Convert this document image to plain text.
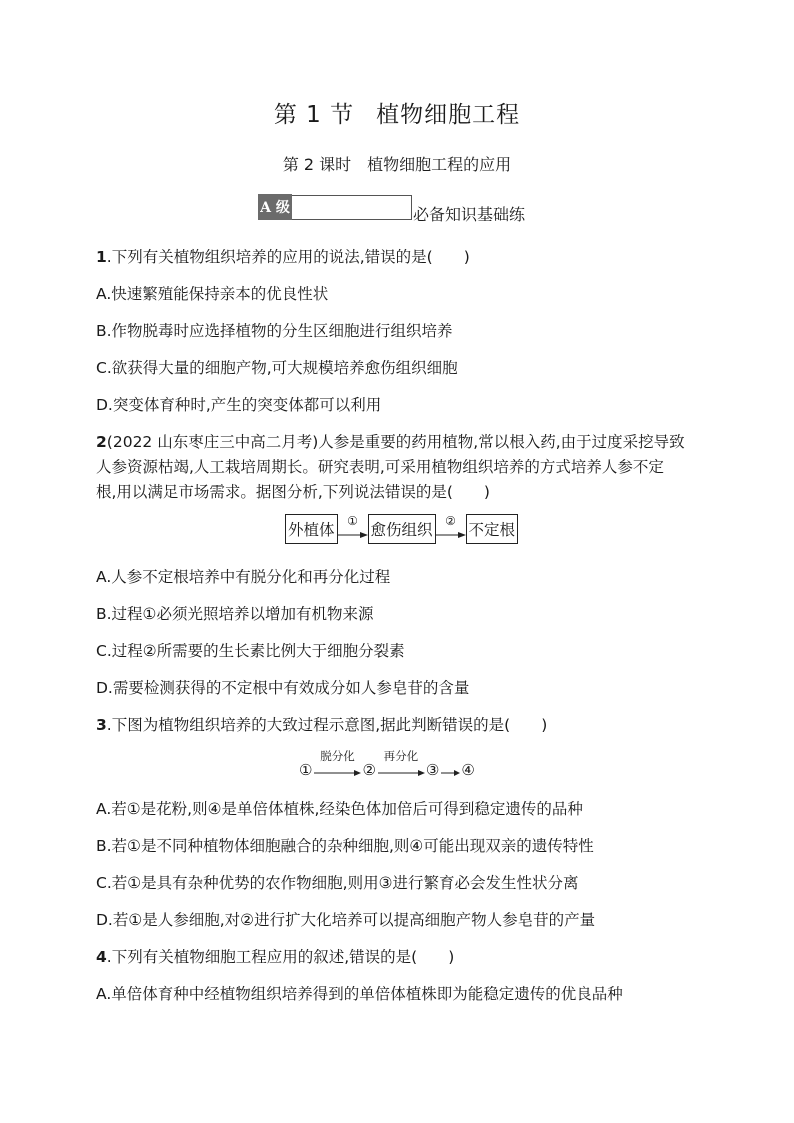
第 1 节 植物细胞工程
第 2 课时 植物细胞工程的应用
A 级	必备知识基础练
1.下列有关植物组织培养的应用的说法,错误的是(　　)
A.快速繁殖能保持亲本的优良性状
B.作物脱毒时应选择植物的分生区细胞进行组织培养
C.欲获得大量的细胞产物,可大规模培养愈伤组织细胞
D.突变体育种时,产生的突变体都可以利用
2(2022 山东枣庄三中高二月考)人参是重要的药用植物,常以根入药,由于过度采挖导致
人参资源枯竭,人工栽培周期长。研究表明,可采用植物组织培养的方式培养人参不定
根,用以满足市场需求。据图分析,下列说法错误的是(　　)
外植体	① 愈伤组织	② 不定根
A.人参不定根培养中有脱分化和再分化过程
B.过程①必须光照培养以增加有机物来源
C.过程②所需要的生长素比例大于细胞分裂素
D.需要检测获得的不定根中有效成分如人参皂苷的含量
3.下图为植物组织培养的大致过程示意图,据此判断错误的是(　　)
①
脱分化
②
再分化
③ ④
A.若①是花粉,则④是单倍体植株,经染色体加倍后可得到稳定遗传的品种
B.若①是不同种植物体细胞融合的杂种细胞,则④可能出现双亲的遗传特性
C.若①是具有杂种优势的农作物细胞,则用③进行繁育必会发生性状分离
D.若①是人参细胞,对②进行扩大化培养可以提高细胞产物人参皂苷的产量
4.下列有关植物细胞工程应用的叙述,错误的是(　　)
A.单倍体育种中经植物组织培养得到的单倍体植株即为能稳定遗传的优良品种
